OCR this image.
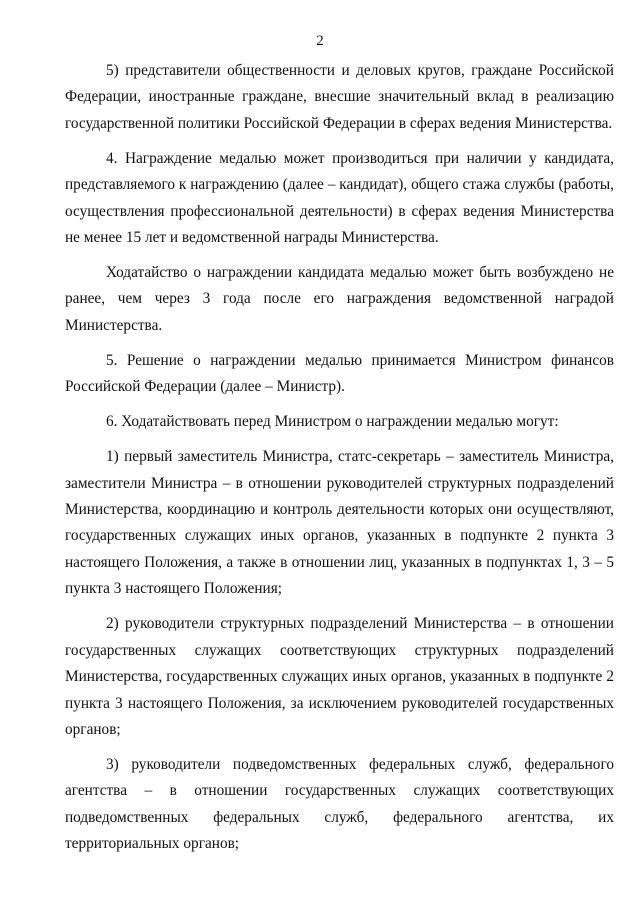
2

5) представители общественности и деловых кругов, граждане Российской Федерации, иностранные граждане, внесшие значительный вклад в реализацию государственной политики Российской Федерации в сферах ведения Министерства.

4. Награждение медалью может производиться при наличии у кандидата, представляемого к награждению (далее – кандидат), общего стажа службы (работы, осуществления профессиональной деятельности) в сферах ведения Министерства не менее 15 лет и ведомственной награды Министерства.

Ходатайство о награждении кандидата медалью может быть возбуждено не ранее, чем через 3 года после его награждения ведомственной наградой Министерства.

5. Решение о награждении медалью принимается Министром финансов Российской Федерации (далее – Министр).

6. Ходатайствовать перед Министром о награждении медалью могут:

1) первый заместитель Министра, статс-секретарь – заместитель Министра, заместители Министра – в отношении руководителей структурных подразделений Министерства, координацию и контроль деятельности которых они осуществляют, государственных служащих иных органов, указанных в подпункте 2 пункта 3 настоящего Положения, а также в отношении лиц, указанных в подпунктах 1, 3 – 5 пункта 3 настоящего Положения;

2) руководители структурных подразделений Министерства – в отношении государственных служащих соответствующих структурных подразделений Министерства, государственных служащих иных органов, указанных в подпункте 2 пункта 3 настоящего Положения, за исключением руководителей государственных органов;

3) руководители подведомственных федеральных служб, федерального агентства – в отношении государственных служащих соответствующих подведомственных федеральных служб, федерального агентства, их территориальных органов;
